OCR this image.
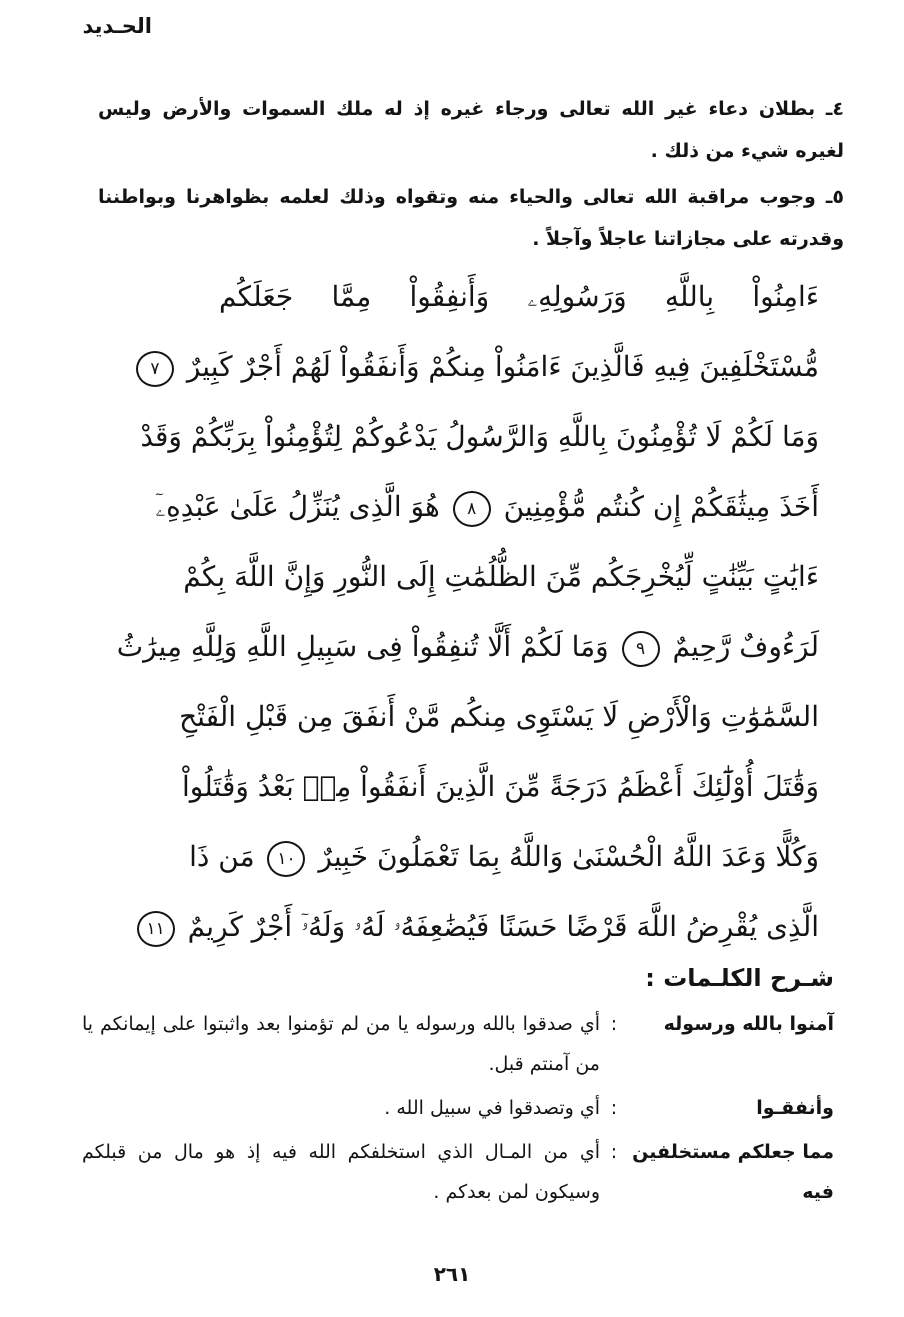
الحـديد
٤ـ بطلان دعاء غير الله تعالى ورجاء غيره إذ له ملك السموات والأرض وليس لغيره شيء من ذلك .
٥ـ وجوب مراقبة الله تعالى والحياء منه وتقواه وذلك لعلمه بظواهرنا وبواطننا وقدرته على مجازاتنا عاجلاً وآجلاً .
ءَامِنُواْ بِاللَّهِ وَرَسُولِهِۦ وَأَنفِقُواْ مِمَّا جَعَلَكُم
مُّسْتَخْلَفِينَ فِيهِ فَالَّذِينَ ءَامَنُواْ مِنكُمْ وَأَنفَقُواْ لَهُمْ أَجْرٌ كَبِيرٌ ٧
وَمَا لَكُمْ لَا تُؤْمِنُونَ بِاللَّهِ وَالرَّسُولُ يَدْعُوكُمْ لِتُؤْمِنُواْ بِرَبِّكُمْ وَقَدْ
أَخَذَ مِيثَٰقَكُمْ إِن كُنتُم مُّؤْمِنِينَ ٨ هُوَ الَّذِى يُنَزِّلُ عَلَىٰ عَبْدِهِۦٓ
ءَايَٰتٍ بَيِّنَٰتٍ لِّيُخْرِجَكُم مِّنَ الظُّلُمَٰتِ إِلَى النُّورِ وَإِنَّ اللَّهَ بِكُمْ
لَرَءُوفٌ رَّحِيمٌ ٩ وَمَا لَكُمْ أَلَّا تُنفِقُواْ فِى سَبِيلِ اللَّهِ وَلِلَّهِ مِيرَٰثُ
السَّمَٰوَٰتِ وَالْأَرْضِ لَا يَسْتَوِى مِنكُم مَّنْ أَنفَقَ مِن قَبْلِ الْفَتْحِ
وَقَٰتَلَ أُوْلَٰٓئِكَ أَعْظَمُ دَرَجَةً مِّنَ الَّذِينَ أَنفَقُواْ مِنۢ بَعْدُ وَقَٰتَلُواْ
وَكُلًّا وَعَدَ اللَّهُ الْحُسْنَىٰ وَاللَّهُ بِمَا تَعْمَلُونَ خَبِيرٌ ١٠ مَن ذَا
الَّذِى يُقْرِضُ اللَّهَ قَرْضًا حَسَنًا فَيُضَٰعِفَهُۥ لَهُۥ وَلَهُۥٓ أَجْرٌ كَرِيمٌ ١١
شـرح الكلـمات :
آمنوا بالله ورسوله
:
أي صدقوا بالله ورسوله يا من لم تؤمنوا بعد واثبتوا على إيمانكم يا من آمنتم قبل.
وأنفقـوا
:
أي وتصدقوا في سبيل الله .
مما جعلكم مستخلفين فيه
:
أي من المـال الذي استخلفكم الله فيه إذ هو مال من قبلكم وسيكون لمن بعدكم .
٢٦١
